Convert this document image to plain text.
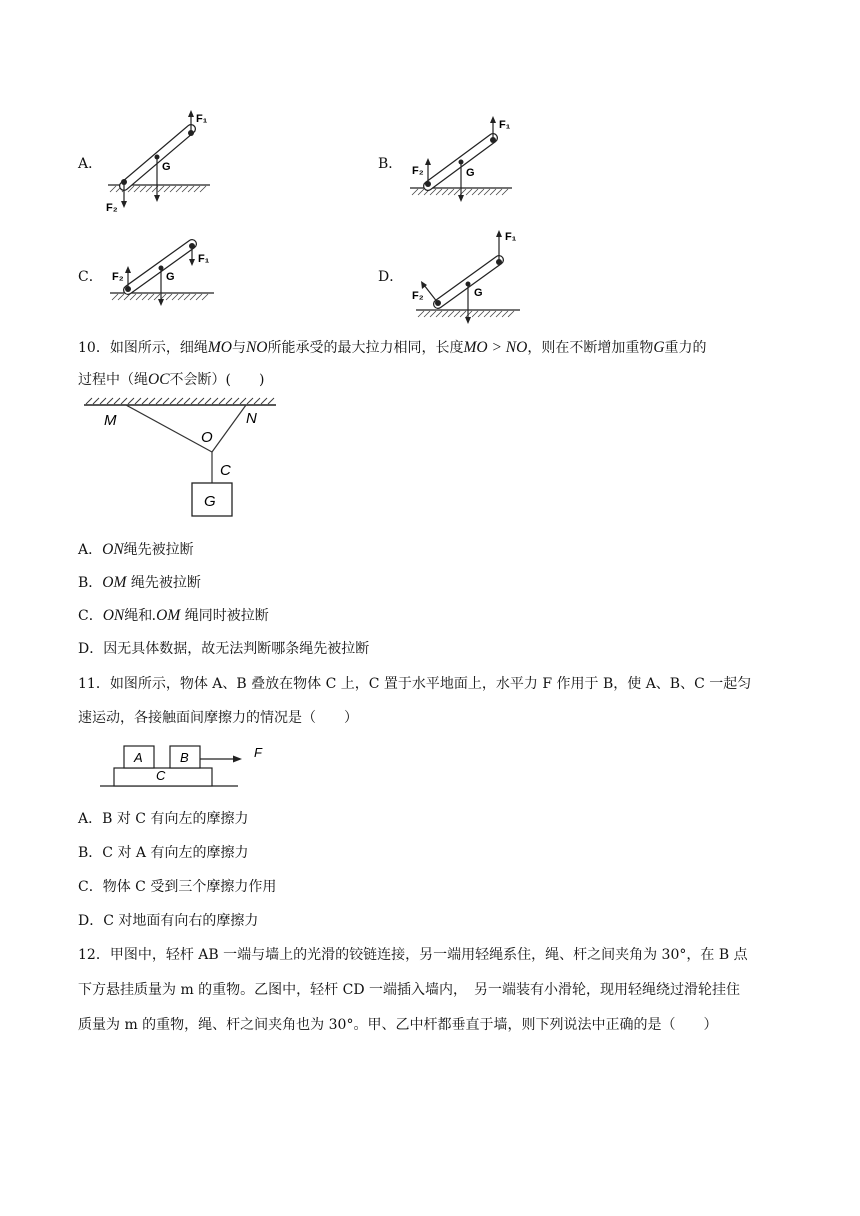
A．
F₁
G
F₂
B．
F₁
G
F₂
C．
F₁
G
F₂	D．
F₁
G
F₂
10．如图所示，细绳MO与NO所能承受的最大拉力相同，长度MO > NO，则在不断增加重物G重力的
过程中（绳OC不会断）(　　)
M	N
O
C
G
A．ON绳先被拉断
B．OM 绳先被拉断
C．ON绳和.OM 绳同时被拉断
D．因无具体数据，故无法判断哪条绳先被拉断
11．如图所示，物体 A、B 叠放在物体 C 上，C 置于水平地面上，水平力 F 作用于 B，使 A、B、C 一起匀
速运动，各接触面间摩擦力的情况是（　　）
A	B
C
F
A．B 对 C 有向左的摩擦力
B．C 对 A 有向左的摩擦力
C．物体 C 受到三个摩擦力作用
D．C 对地面有向右的摩擦力
12．甲图中，轻杆 AB 一端与墙上的光滑的铰链连接，另一端用轻绳系住，绳、杆之间夹角为 30°，在 B 点
下方悬挂质量为 m 的重物。乙图中，轻杆 CD 一端插入墙内，　另一端装有小滑轮，现用轻绳绕过滑轮挂住
质量为 m 的重物，绳、杆之间夹角也为 30°。甲、乙中杆都垂直于墙，则下列说法中正确的是（　　）
